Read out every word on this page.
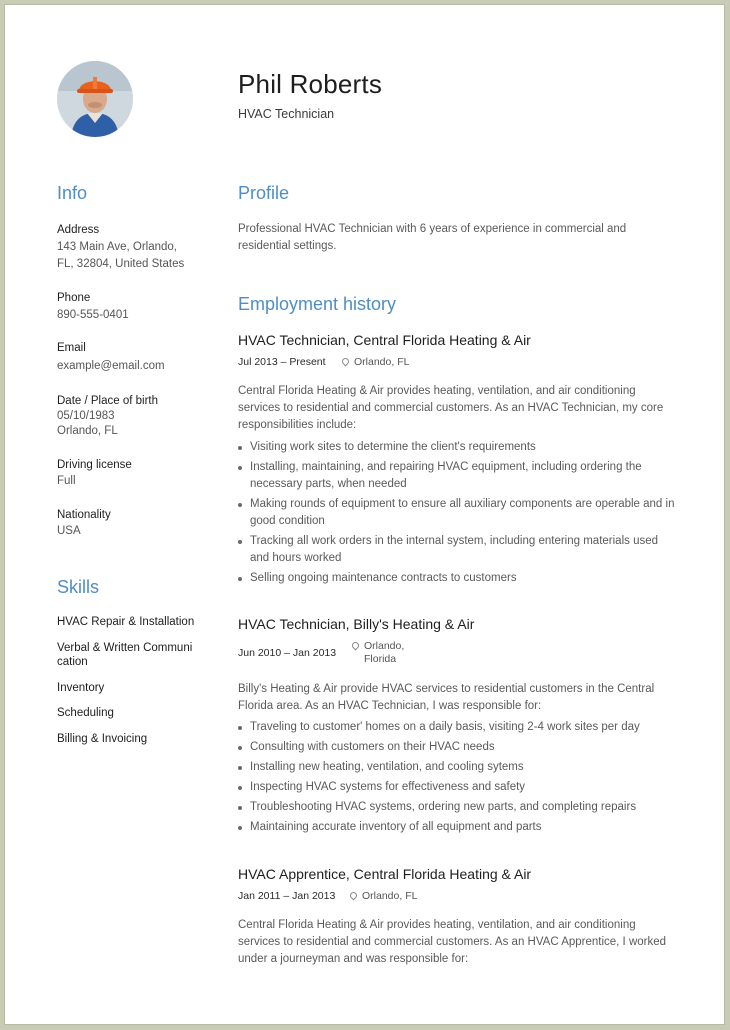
Phil Roberts
HVAC Technician
Info
Address
143 Main Ave, Orlando,
FL, 32804, United States
Phone
890-555-0401
Email
example@email.com
Date / Place of birth
05/10/1983
Orlando, FL
Driving license
Full
Nationality
USA
Skills
HVAC Repair & Installation
Verbal & Written Communi cation
Inventory
Scheduling
Billing & Invoicing
Profile

Professional HVAC Technician with 6 years of experience in commercial and residential settings.

Employment history
HVAC Technician, Central Florida Heating & Air
Jul 2013 – Present	Orlando, FL

Central Florida Heating & Air provides heating, ventilation, and air conditioning services to residential and commercial customers. As an HVAC Technician, my core responsibilities include:

Visiting work sites to determine the client's requirements
Installing, maintaining, and repairing HVAC equipment, including ordering the necessary parts, when needed
Making rounds of equipment to ensure all auxiliary components are operable and in good condition
Tracking all work orders in the internal system, including entering materials used and hours worked
Selling ongoing maintenance contracts to customers
HVAC Technician, Billy's Heating & Air
Jun 2010 – Jan 2013
Orlando,
Florida

Billy's Heating & Air provide HVAC services to residential customers in the Central Florida area. As an HVAC Technician, I was responsible for:

Traveling to customer' homes on a daily basis, visiting 2-4 work sites per day
Consulting with customers on their HVAC needs
Installing new heating, ventilation, and cooling sytems
Inspecting HVAC systems for effectiveness and safety
Troubleshooting HVAC systems, ordering new parts, and completing repairs
Maintaining accurate inventory of all equipment and parts
HVAC Apprentice, Central Florida Heating & Air
Jan 2011 – Jan 2013	Orlando, FL

Central Florida Heating & Air provides heating, ventilation, and air conditioning services to residential and commercial customers. As an HVAC Apprentice, I worked under a journeyman and was responsible for:
